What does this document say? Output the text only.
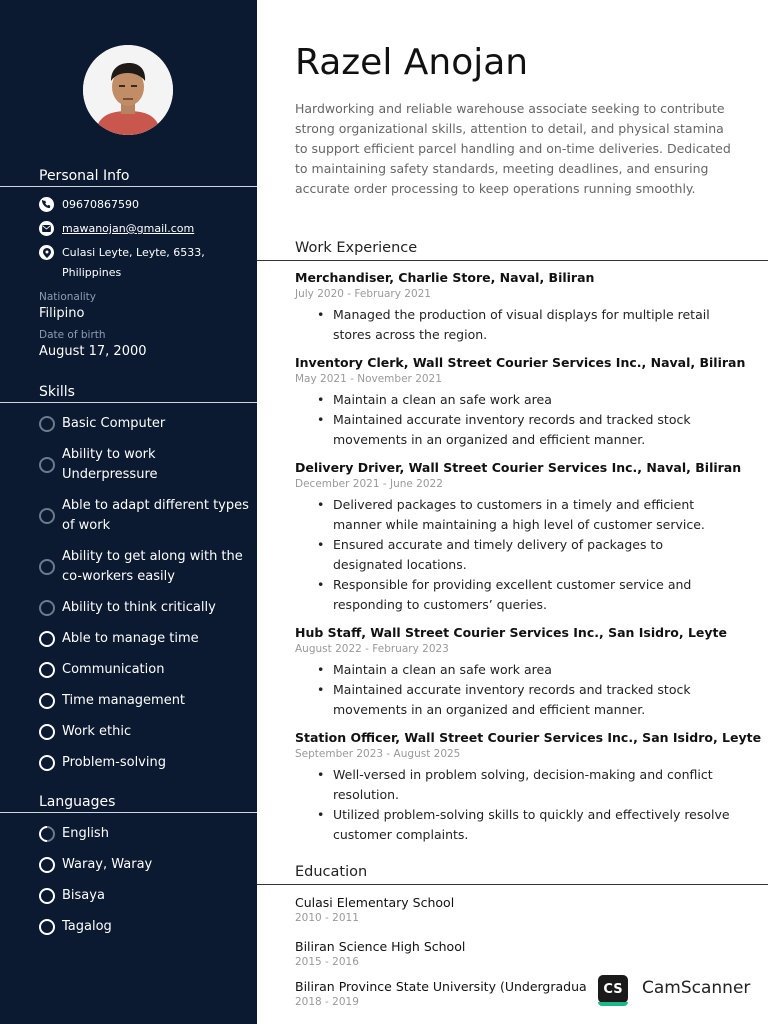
Personal Info
09670867590
mawanojan@gmail.com
Culasi Leyte, Leyte, 6533,
Philippines
Nationality
Filipino
Date of birth
August 17, 2000
Skills
Basic Computer
Ability to work Underpressure
Able to adapt different types of work
Ability to get along with the co-workers easily
Ability to think critically
Able to manage time
Communication
Time management
Work ethic
Problem-solving
Languages
English
Waray, Waray
Bisaya
Tagalog
Razel Anojan
Hardworking and reliable warehouse associate seeking to contribute strong organizational skills, attention to detail, and physical stamina to support efficient parcel handling and on-time deliveries. Dedicated to maintaining safety standards, meeting deadlines, and ensuring accurate order processing to keep operations running smoothly.
Work Experience
Merchandiser, Charlie Store, Naval, Biliran
July 2020 - February 2021
• Managed the production of visual displays for multiple retail stores across the region.
Inventory Clerk, Wall Street Courier Services Inc., Naval, Biliran
May 2021 - November 2021
• Maintain a clean an safe work area
• Maintained accurate inventory records and tracked stock movements in an organized and efficient manner.
Delivery Driver, Wall Street Courier Services Inc., Naval, Biliran
December 2021 - June 2022
• Delivered packages to customers in a timely and efficient manner while maintaining a high level of customer service.
• Ensured accurate and timely delivery of packages to designated locations.
• Responsible for providing excellent customer service and responding to customers’ queries.
Hub Staff, Wall Street Courier Services Inc., San Isidro, Leyte
August 2022 - February 2023
• Maintain a clean an safe work area
• Maintained accurate inventory records and tracked stock movements in an organized and efficient manner.
Station Officer, Wall Street Courier Services Inc., San Isidro, Leyte
September 2023 - August 2025
• Well-versed in problem solving, decision-making and conflict resolution.
• Utilized problem-solving skills to quickly and effectively resolve customer complaints.
Education
Culasi Elementary School
2010 - 2011
Biliran Science High School
2015 - 2016
Biliran Province State University (Undergradua
2018 - 2019
CS	CamScanner
